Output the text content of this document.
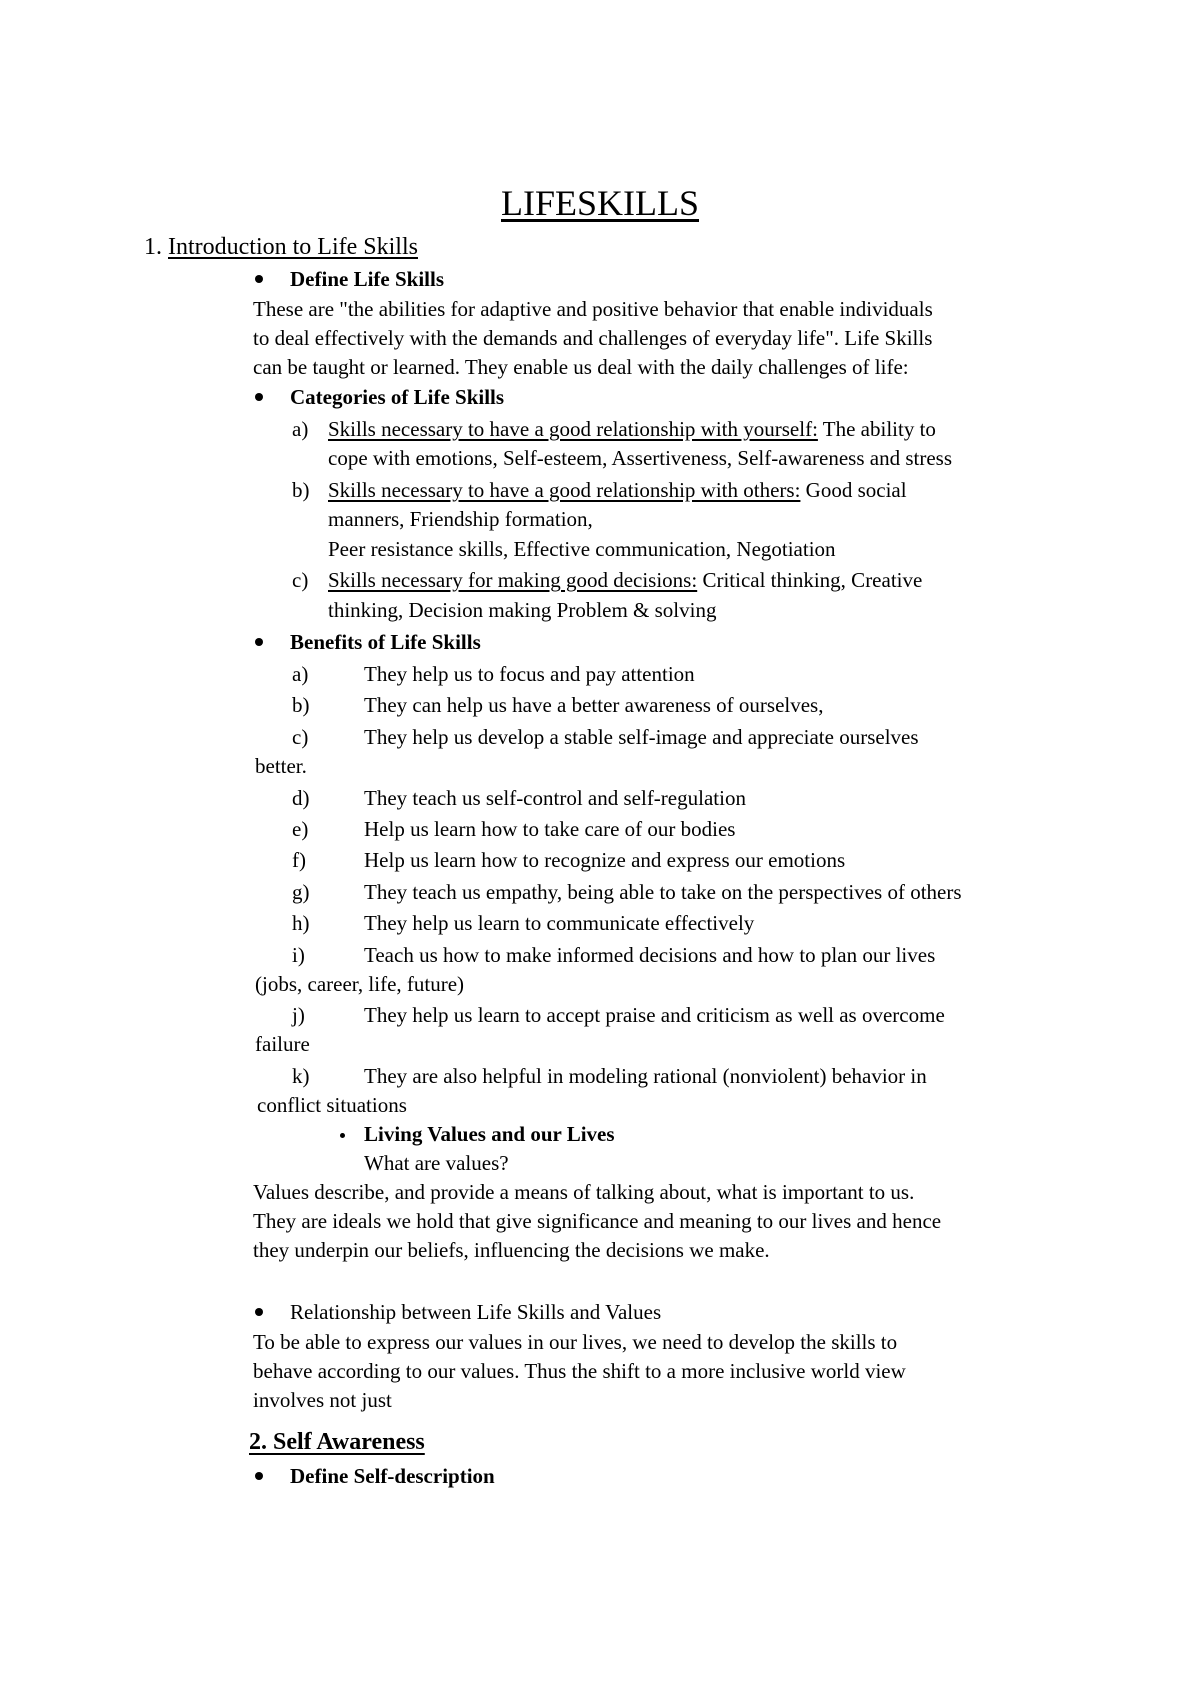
LIFESKILLS
1. Introduction to Life Skills
Define Life Skills
These are "the abilities for adaptive and positive behavior that enable individuals
to deal effectively with the demands and challenges of everyday life". Life Skills
can be taught or learned. They enable us deal with the daily challenges of life:
Categories of Life Skills
a) Skills necessary to have a good relationship with yourself: The ability to
cope with emotions, Self-esteem, Assertiveness, Self-awareness and stress
b) Skills necessary to have a good relationship with others: Good social
manners, Friendship formation,
Peer resistance skills, Effective communication, Negotiation
c) Skills necessary for making good decisions: Critical thinking, Creative
thinking, Decision making Problem & solving
Benefits of Life Skills
a)	They help us to focus and pay attention
b)	They can help us have a better awareness of ourselves,
c)	They help us develop a stable self-image and appreciate ourselves
better.
d)	They teach us self-control and self-regulation
e)	Help us learn how to take care of our bodies
f)	Help us learn how to recognize and express our emotions
g)	They teach us empathy, being able to take on the perspectives of others
h)	They help us learn to communicate effectively
i)	Teach us how to make informed decisions and how to plan our lives
(jobs, career, life, future)
j)	They help us learn to accept praise and criticism as well as overcome
failure
k)	They are also helpful in modeling rational (nonviolent) behavior in
conflict situations
Living Values and our Lives
What are values?
Values describe, and provide a means of talking about, what is important to us.
They are ideals we hold that give significance and meaning to our lives and hence
they underpin our beliefs, influencing the decisions we make.
Relationship between Life Skills and Values
To be able to express our values in our lives, we need to develop the skills to
behave according to our values. Thus the shift to a more inclusive world view
involves not just
2. Self Awareness
Define Self-description
